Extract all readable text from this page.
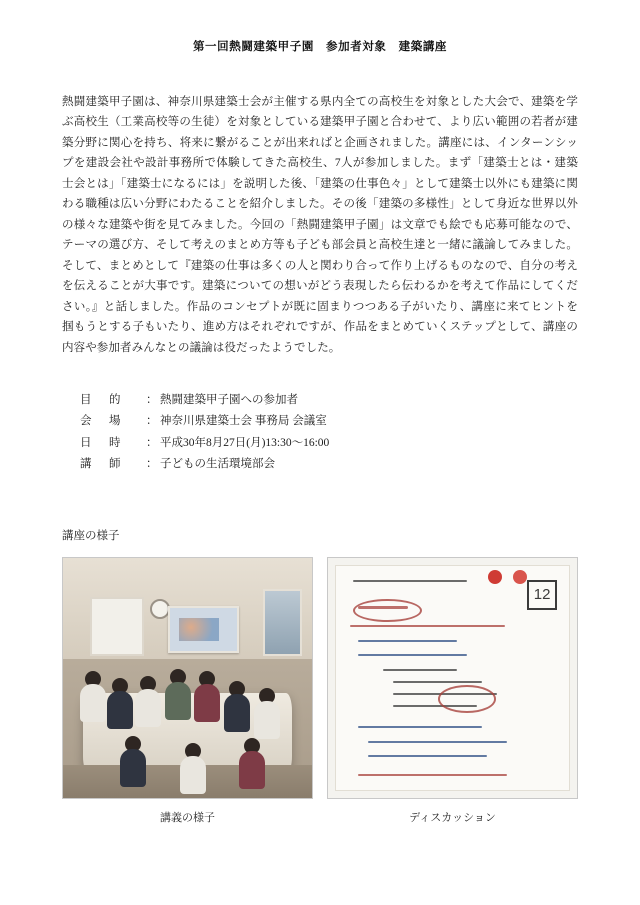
第一回熱闘建築甲子園　参加者対象　建築講座

熱闘建築甲子園は、神奈川県建築士会が主催する県内全ての高校生を対象とした大会で、建築を学ぶ高校生（工業高校等の生徒）を対象としている建築甲子園と合わせて、より広い範囲の若者が建築分野に関心を持ち、将来に繋がることが出来ればと企画されました。講座には、インターンシップを建設会社や設計事務所で体験してきた高校生、7人が参加しました。まず「建築士とは・建築士会とは」「建築士になるには」を説明した後、「建築の仕事色々」として建築士以外にも建築に関わる職種は広い分野にわたることを紹介しました。その後「建築の多様性」として身近な世界以外の様々な建築や街を見てみました。今回の「熱闘建築甲子園」は文章でも絵でも応募可能なので、テーマの選び方、そして考えのまとめ方等も子ども部会員と高校生達と一緒に議論してみました。そして、まとめとして『建築の仕事は多くの人と関わり合って作り上げるものなので、自分の考えを伝えることが大事です。建築についての想いがどう表現したら伝わるかを考えて作品にしてください。』と話しました。作品のコンセプトが既に固まりつつある子がいたり、講座に来てヒントを掴もうとする子もいたり、進め方はそれぞれですが、作品をまとめていくステップとして、講座の内容や参加者みんなとの議論は役だったようでした。

目　的	： 熱闘建築甲子園への参加者
会　場	： 神奈川県建築士会 事務局 会議室
日　時	： 平成30年8月27日(月)13:30～16:00
講　師	： 子どもの生活環境部会
講座の様子
講義の様子
12
ディスカッション
